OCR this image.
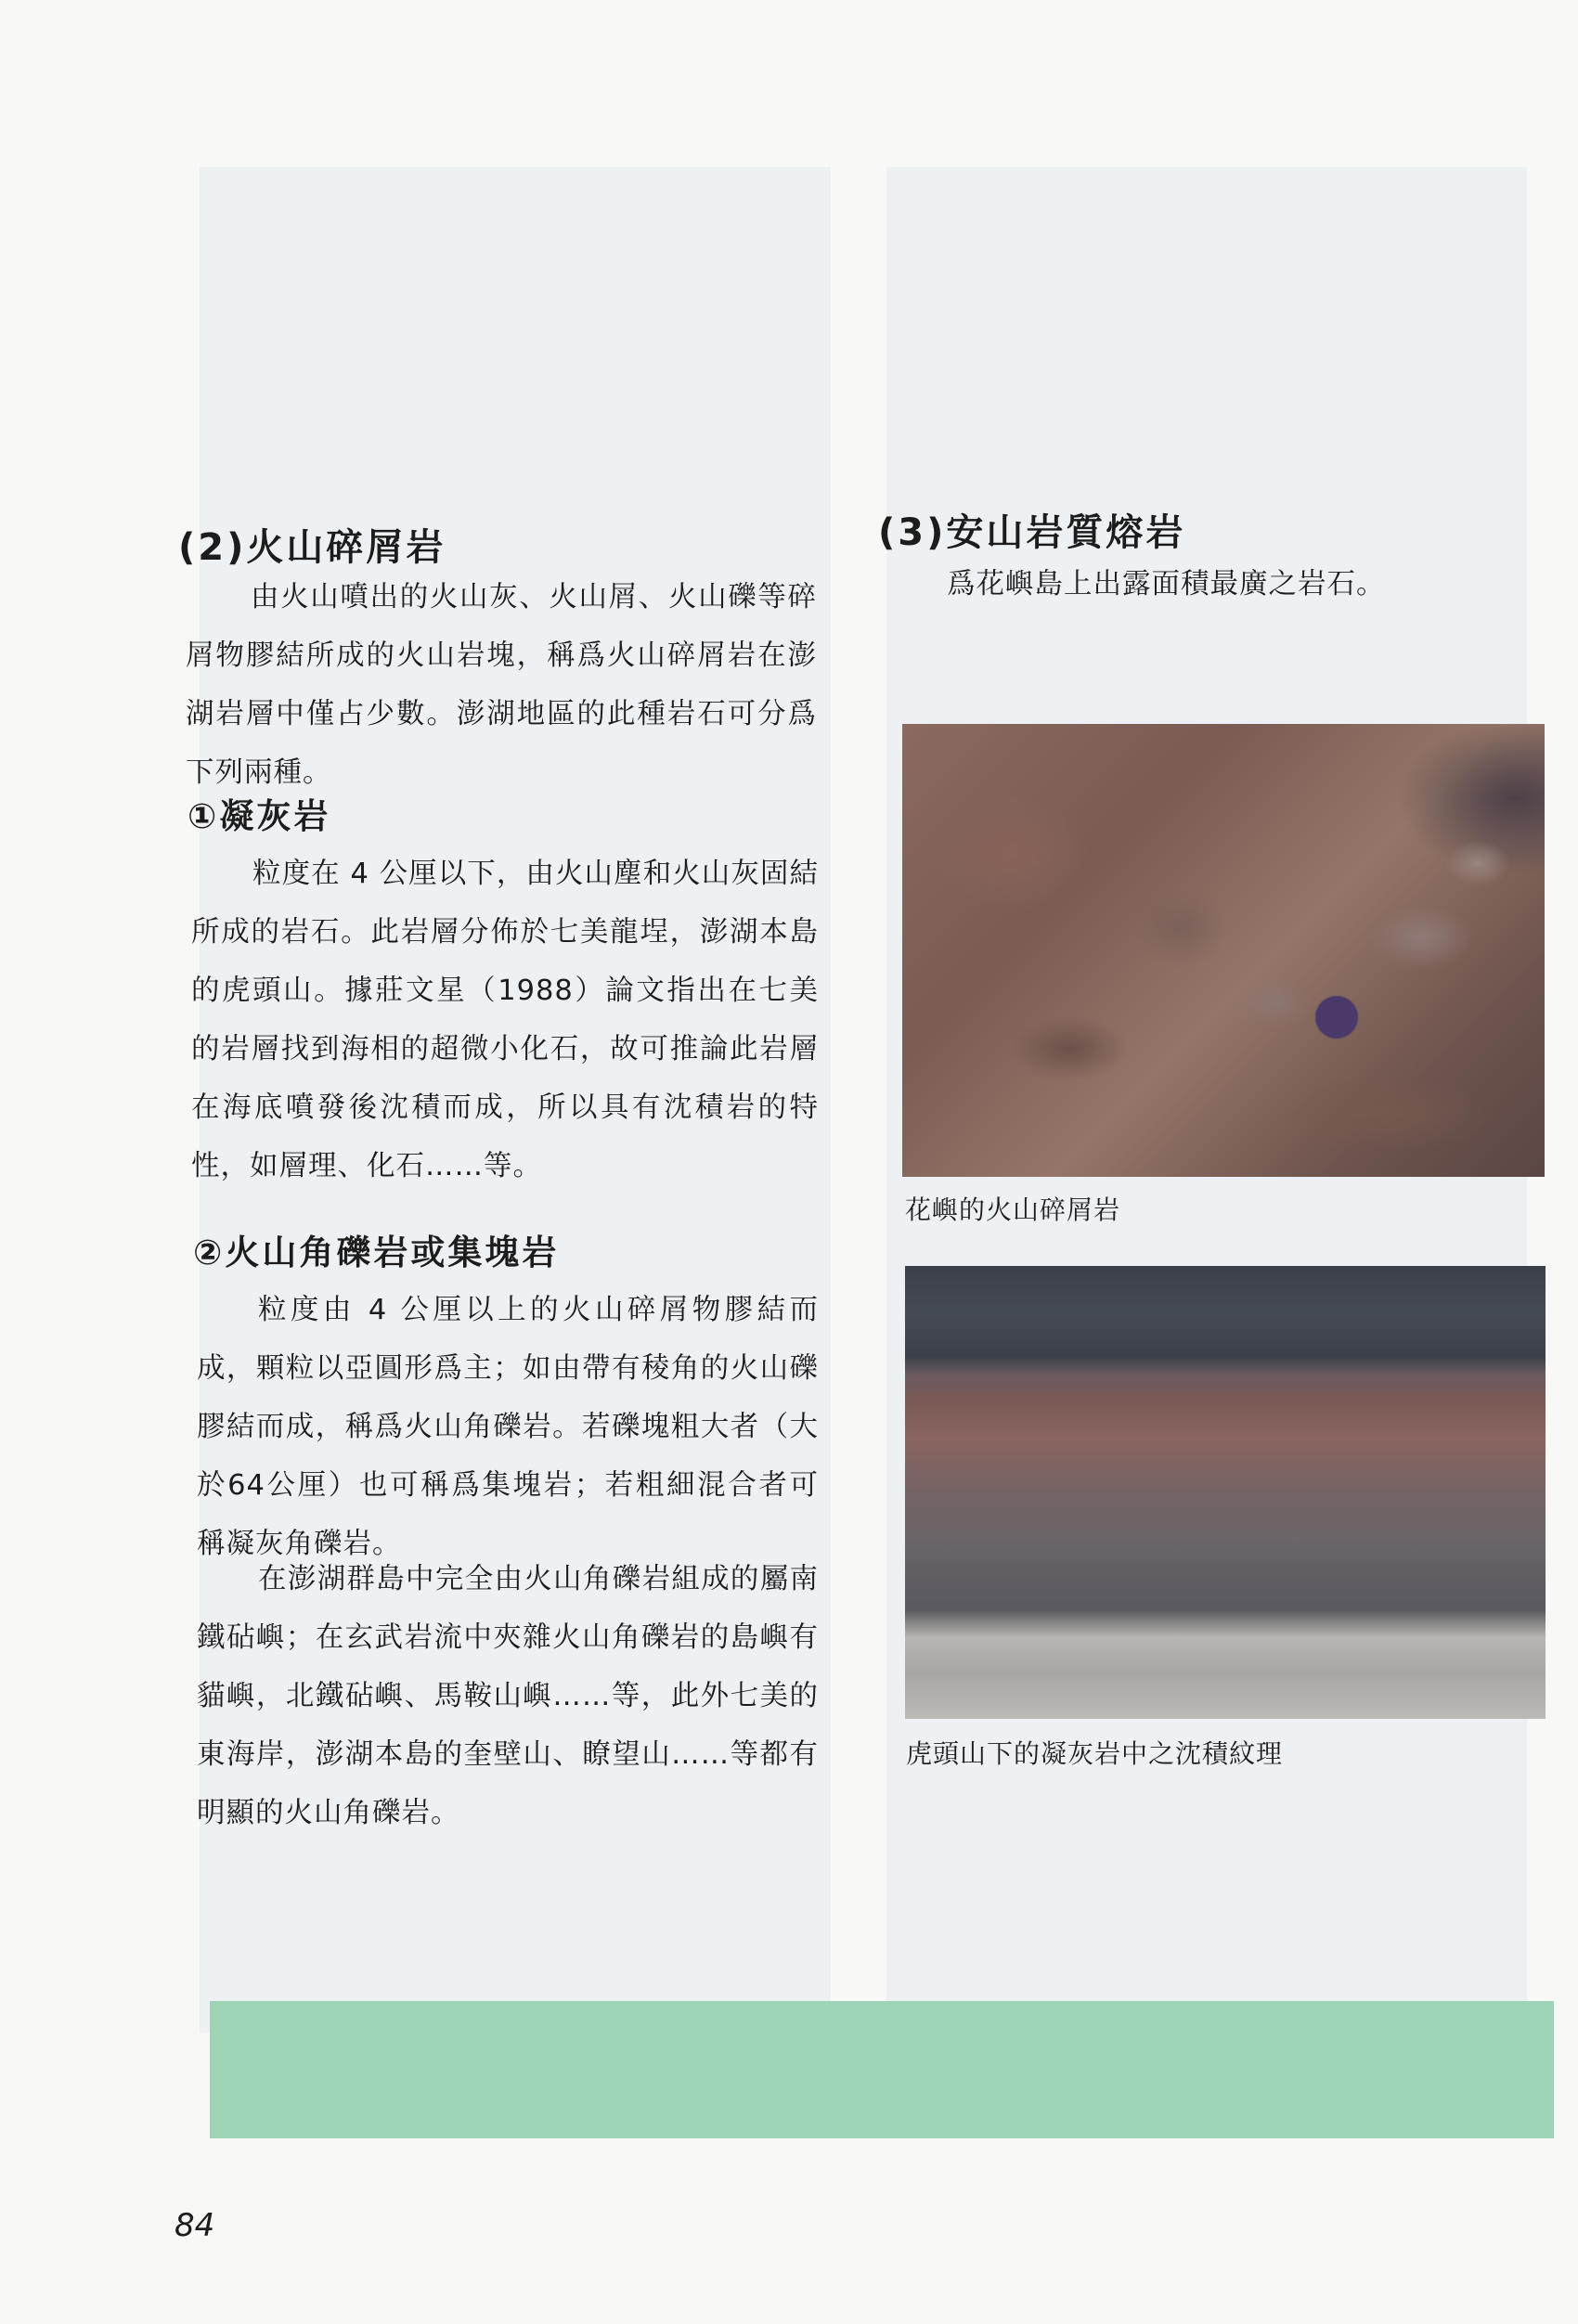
(2)火山碎屑岩

由火山噴出的火山灰、火山屑、火山礫等碎屑物膠結所成的火山岩塊，稱爲火山碎屑岩在澎湖岩層中僅占少數。澎湖地區的此種岩石可分爲下列兩種。

①凝灰岩

粒度在 4 公厘以下，由火山塵和火山灰固結所成的岩石。此岩層分佈於七美龍埕，澎湖本島的虎頭山。據莊文星（1988）論文指出在七美的岩層找到海相的超微小化石，故可推論此岩層在海底噴發後沈積而成，所以具有沈積岩的特性，如層理、化石……等。

②火山角礫岩或集塊岩

粒度由 4 公厘以上的火山碎屑物膠結而成，顆粒以亞圓形爲主；如由帶有稜角的火山礫膠結而成，稱爲火山角礫岩。若礫塊粗大者（大於64公厘）也可稱爲集塊岩；若粗細混合者可稱凝灰角礫岩。

在澎湖群島中完全由火山角礫岩組成的屬南鐵砧嶼；在玄武岩流中夾雜火山角礫岩的島嶼有貓嶼，北鐵砧嶼、馬鞍山嶼……等，此外七美的東海岸，澎湖本島的奎壁山、瞭望山……等都有明顯的火山角礫岩。

(3)安山岩質熔岩

爲花嶼島上出露面積最廣之岩石。

花嶼的火山碎屑岩

虎頭山下的凝灰岩中之沈積紋理

84
